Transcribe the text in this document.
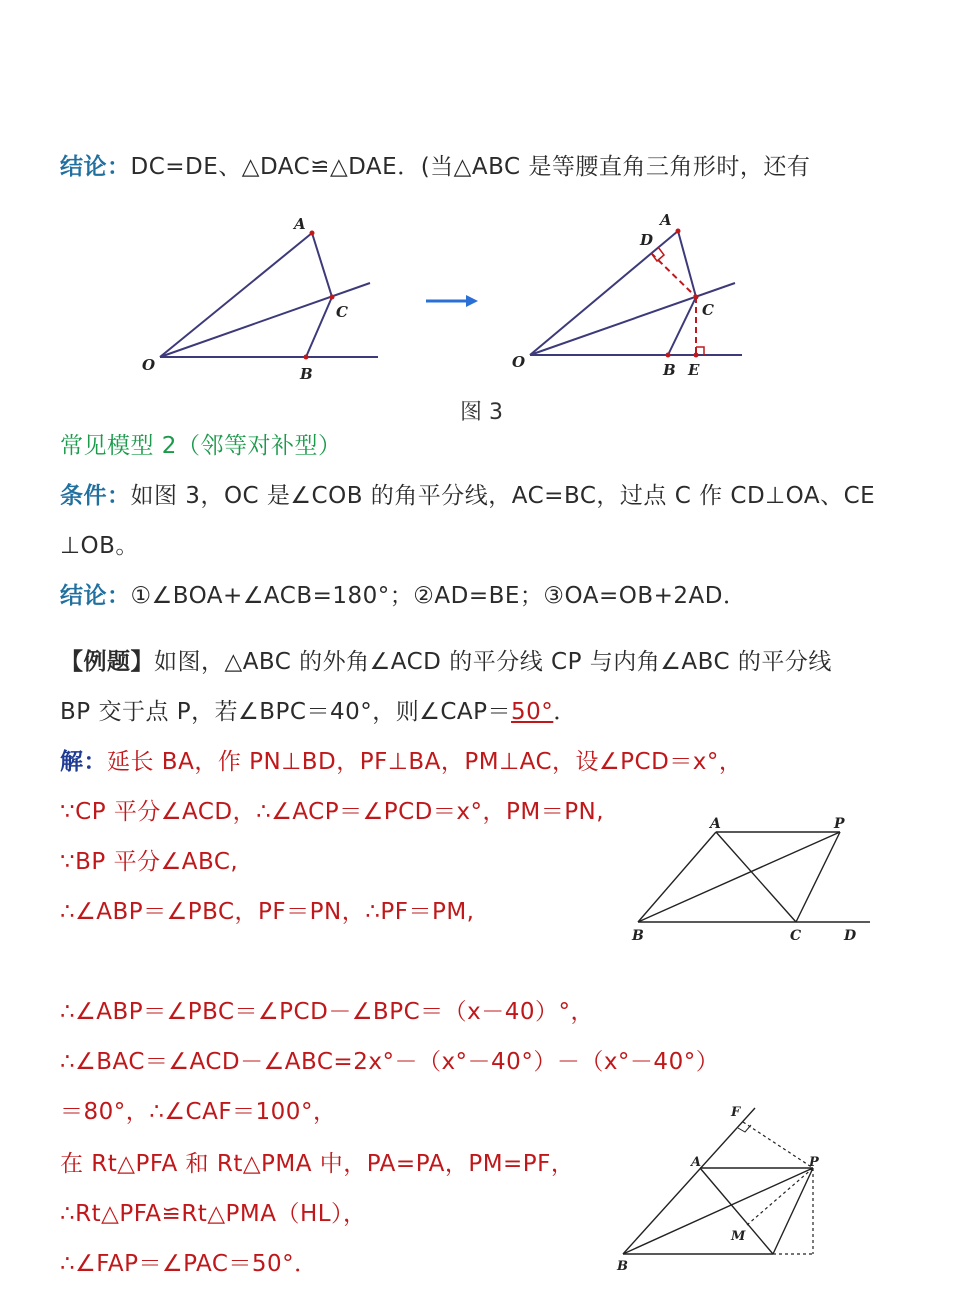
结论：DC=DE、△DAC≌△DAE．(当△ABC 是等腰直角三角形时，还有
A
C
O	B
A
D
C
O	B E
图 3
常见模型 2（邻等对补型）
条件：如图 3，OC 是∠COB 的角平分线，AC=BC，过点 C 作 CD⊥OA、CE
⊥OB。
结论：①∠BOA+∠ACB=180°；②AD=BE；③OA=OB+2AD．
【例题】如图，△ABC 的外角∠ACD 的平分线 CP 与内角∠ABC 的平分线
BP 交于点 P，若∠BPC＝40°，则∠CAP＝50°．
解：延长 BA，作 PN⊥BD，PF⊥BA，PM⊥AC，设∠PCD＝x°，
∵CP 平分∠ACD，∴∠ACP＝∠PCD＝x°，PM＝PN,
∵BP 平分∠ABC,
∴∠ABP＝∠PBC，PF＝PN，∴PF＝PM,
∴∠ABP＝∠PBC＝∠PCD－∠BPC＝（x－40）°，
∴∠BAC＝∠ACD－∠ABC=2x°－（x°－40°）－（x°－40°）
＝80°，∴∠CAF＝100°，
在 Rt△PFA 和 Rt△PMA 中，PA=PA，PM=PF，
∴Rt△PFA≌Rt△PMA（HL），
∴∠FAP＝∠PAC＝50°．
A	P
B	C	D
F
A	P
M
B
